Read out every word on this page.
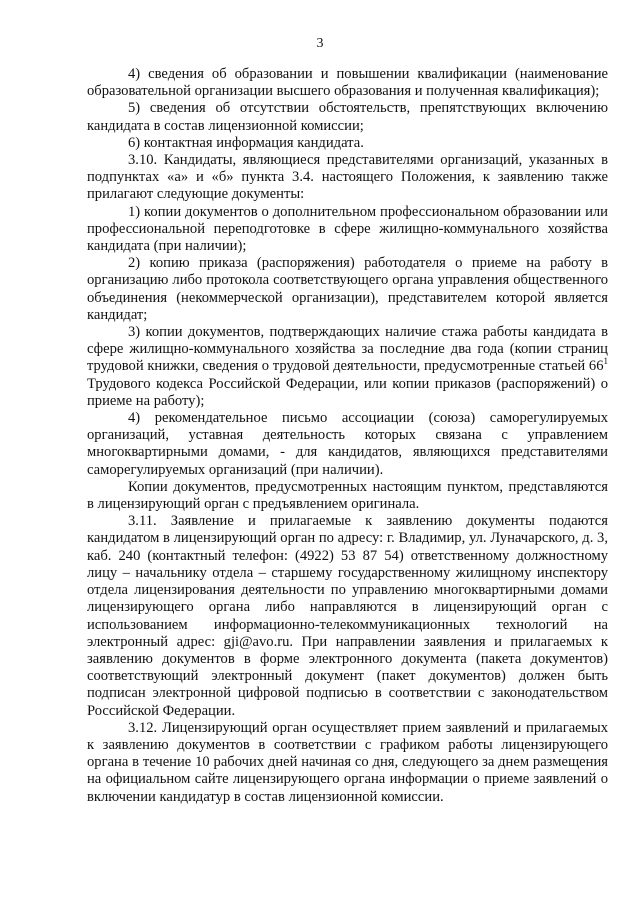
3

4) сведения об образовании и повышении квалификации (наименование образовательной организации высшего образования и полученная квалификация);

5) сведения об отсутствии обстоятельств, препятствующих включению кандидата в состав лицензионной комиссии;

6) контактная информация кандидата.

3.10. Кандидаты, являющиеся представителями организаций, указанных в подпунктах «а» и «б» пункта 3.4. настоящего Положения, к заявлению также прилагают следующие документы:

1) копии документов о дополнительном профессиональном образовании или профессиональной переподготовке в сфере жилищно-коммунального хозяйства кандидата (при наличии);

2) копию приказа (распоряжения) работодателя о приеме на работу в организацию либо протокола соответствующего органа управления общественного объединения (некоммерческой организации), представителем которой является кандидат;

3) копии документов, подтверждающих наличие стажа работы кандидата в сфере жилищно-коммунального хозяйства за последние два года (копии страниц трудовой книжки, сведения о трудовой деятельности, предусмотренные статьей $66^1$ Трудового кодекса Российской Федерации, или копии приказов (распоряжений) о приеме на работу);

4) рекомендательное письмо ассоциации (союза) саморегулируемых организаций, уставная деятельность которых связана с управлением многоквартирными домами, - для кандидатов, являющихся представителями саморегулируемых организаций (при наличии).

Копии документов, предусмотренных настоящим пунктом, представляются в лицензирующий орган с предъявлением оригинала.

3.11. Заявление и прилагаемые к заявлению документы подаются кандидатом в лицензирующий орган по адресу: г. Владимир, ул. Луначарского, д. 3, каб. 240 (контактный телефон: (4922) 53 87 54) ответственному должностному лицу – начальнику отдела – старшему государственному жилищному инспектору отдела лицензирования деятельности по управлению многоквартирными домами лицензирующего органа либо направляются в лицензирующий орган с использованием информационно-телекоммуникационных технологий на электронный адрес: gji@avo.ru. При направлении заявления и прилагаемых к заявлению документов в форме электронного документа (пакета документов) соответствующий электронный документ (пакет документов) должен быть подписан электронной цифровой подписью в соответствии с законодательством Российской Федерации.

3.12. Лицензирующий орган осуществляет прием заявлений и прилагаемых к заявлению документов в соответствии с графиком работы лицензирующего органа в течение 10 рабочих дней начиная со дня, следующего за днем размещения на официальном сайте лицензирующего органа информации о приеме заявлений о включении кандидатур в состав лицензионной комиссии.
